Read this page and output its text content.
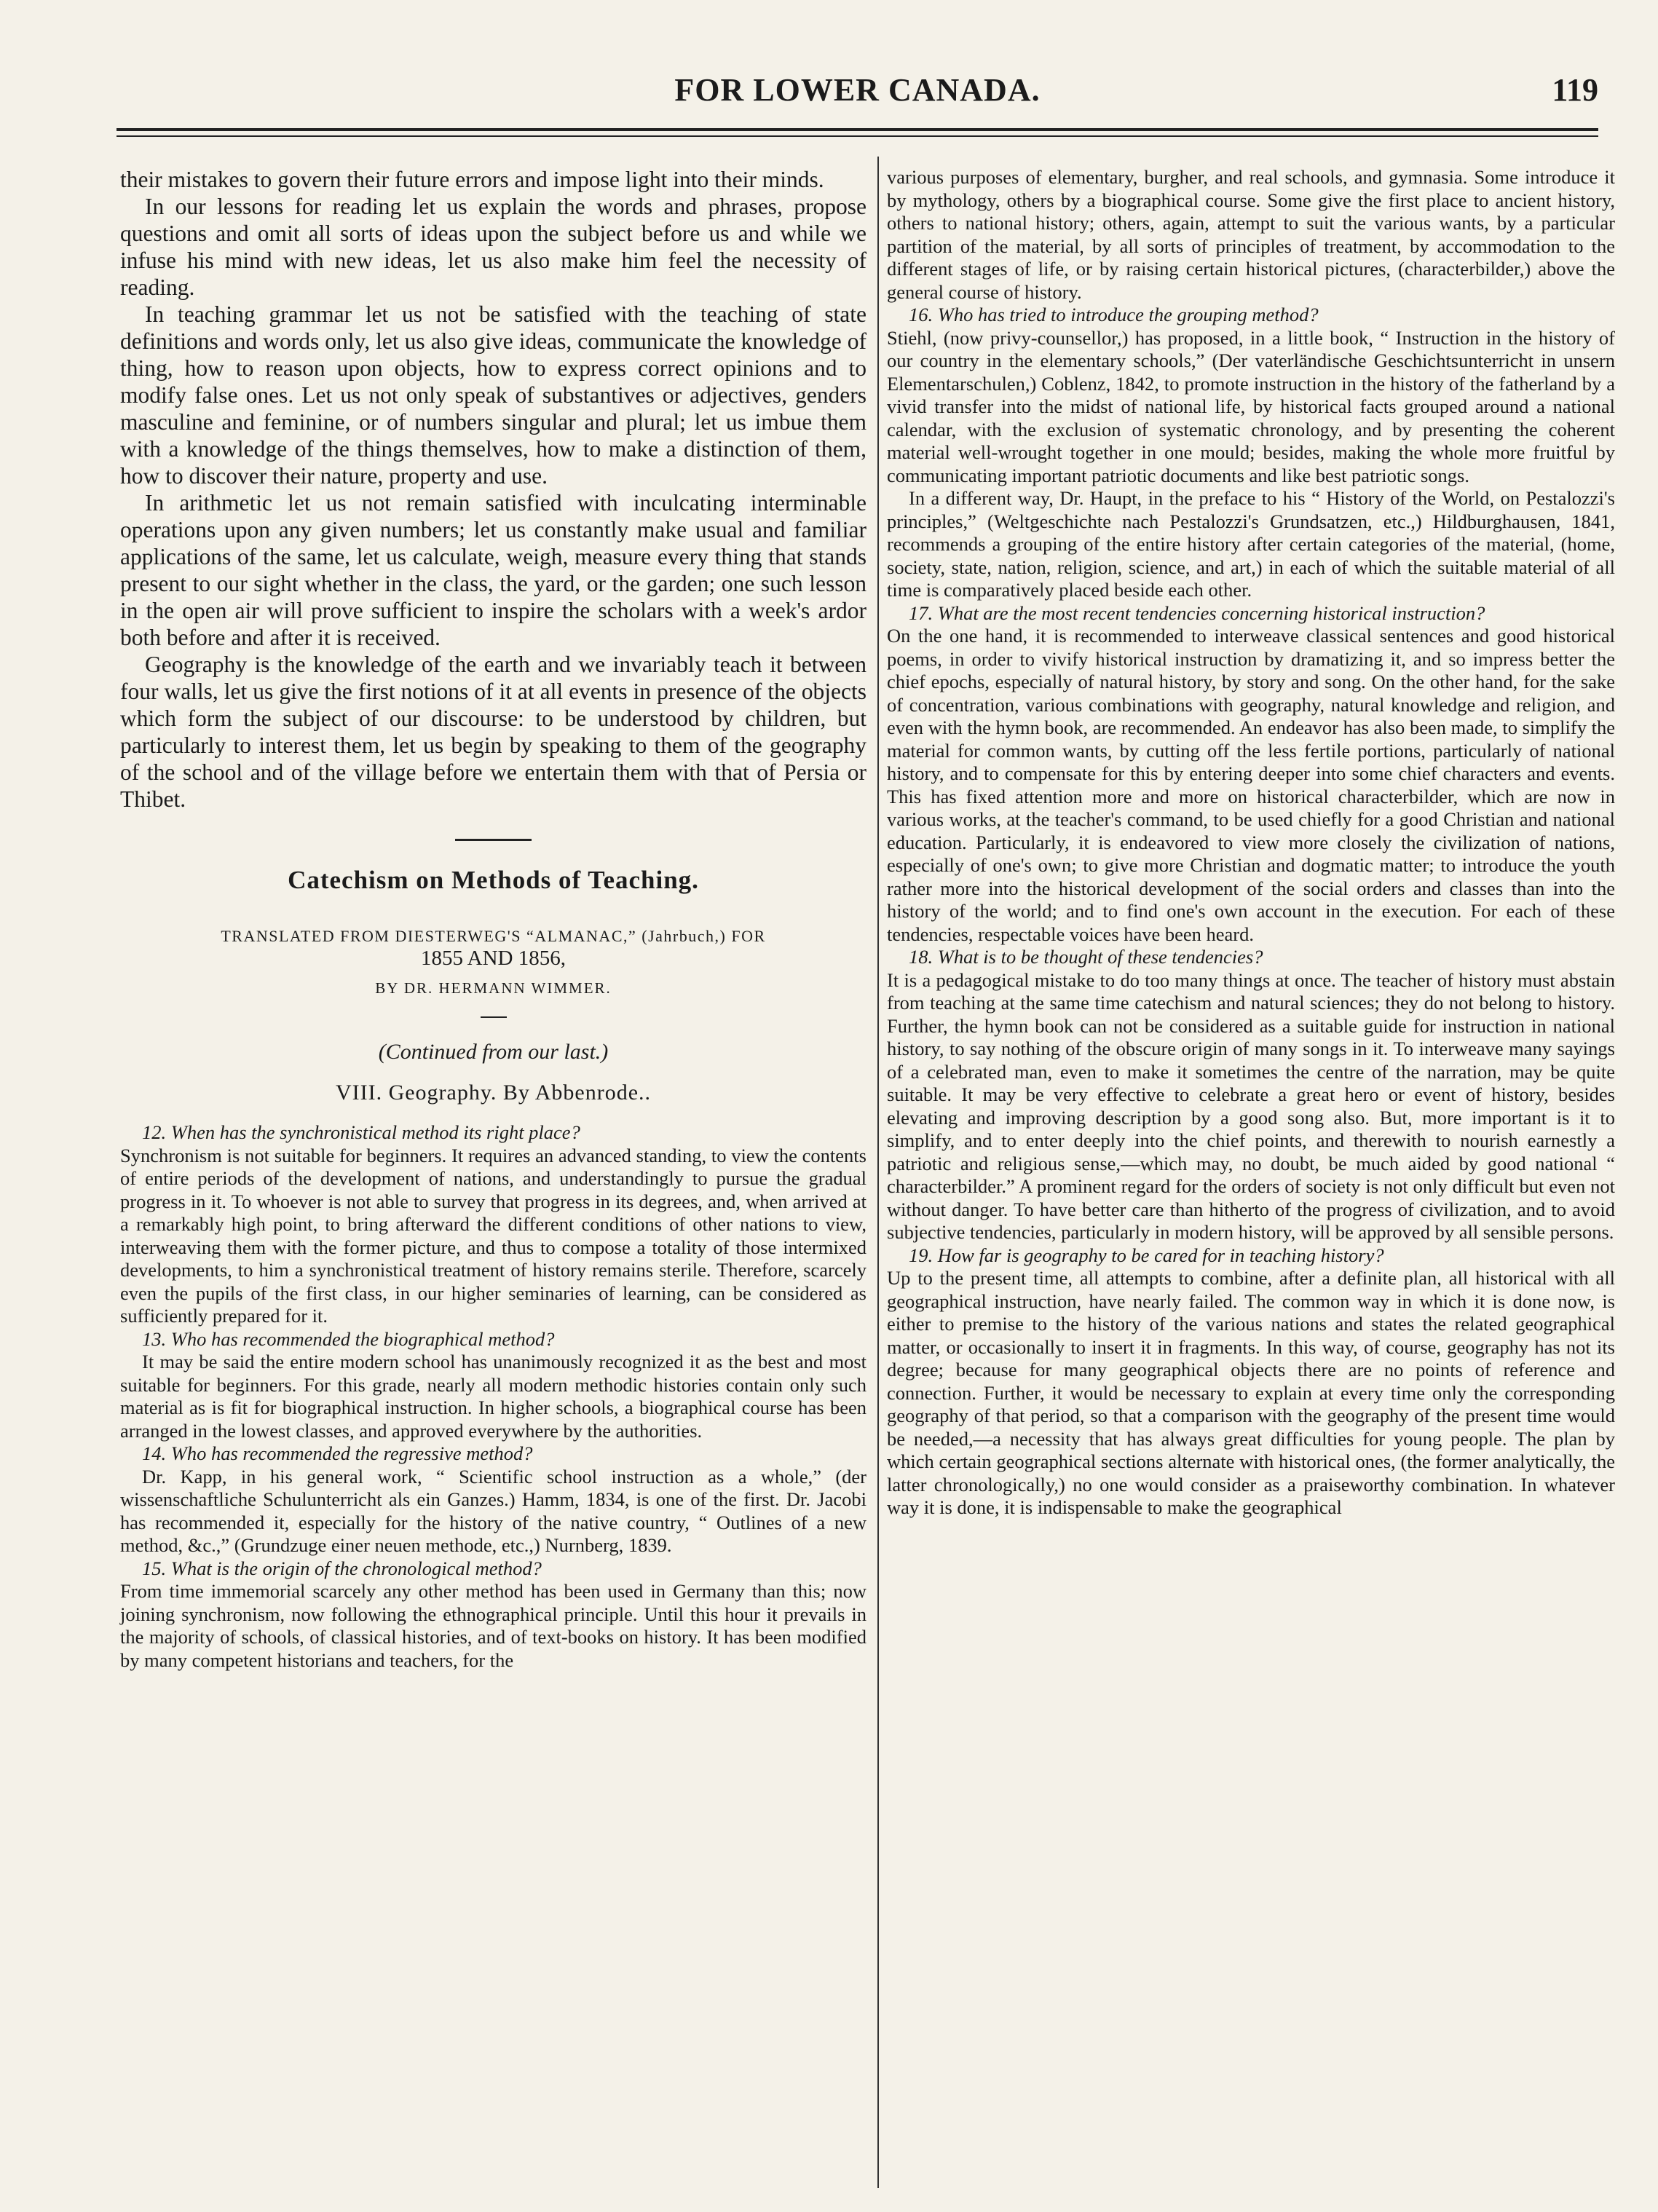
FOR LOWER CANADA.	119

their mistakes to govern their future errors and impose light into their minds.

In our lessons for reading let us explain the words and phrases, propose questions and omit all sorts of ideas upon the subject before us and while we infuse his mind with new ideas, let us also make him feel the necessity of reading.

In teaching grammar let us not be satisfied with the teaching of state definitions and words only, let us also give ideas, communicate the knowledge of thing, how to reason upon objects, how to express correct opinions and to modify false ones. Let us not only speak of substantives or adjectives, genders masculine and feminine, or of numbers singular and plural; let us imbue them with a knowledge of the things themselves, how to make a distinction of them, how to discover their nature, property and use.

In arithmetic let us not remain satisfied with inculcating interminable operations upon any given numbers; let us constantly make usual and familiar applications of the same, let us calculate, weigh, measure every thing that stands present to our sight whether in the class, the yard, or the garden; one such lesson in the open air will prove sufficient to inspire the scholars with a week's ardor both before and after it is received.

Geography is the knowledge of the earth and we invariably teach it between four walls, let us give the first notions of it at all events in presence of the objects which form the subject of our discourse: to be understood by children, but particularly to interest them, let us begin by speaking to them of the geography of the school and of the village before we entertain them with that of Persia or Thibet.

Catechism on Methods of Teaching.
TRANSLATED FROM DIESTERWEG'S “ALMANAC,” (Jahrbuch,) FOR
1855 AND 1856,
BY DR. HERMANN WIMMER.
(Continued from our last.)
VIII. Geography. By Abbenrode..

12. When has the synchronistical method its right place?

Synchronism is not suitable for beginners. It requires an advanced standing, to view the contents of entire periods of the development of nations, and understandingly to pursue the gradual progress in it. To whoever is not able to survey that progress in its degrees, and, when arrived at a remarkably high point, to bring afterward the different conditions of other nations to view, interweaving them with the former picture, and thus to compose a totality of those intermixed developments, to him a synchronistical treatment of history remains sterile. Therefore, scarcely even the pupils of the first class, in our higher seminaries of learning, can be considered as sufficiently prepared for it.

13. Who has recommended the biographical method?

It may be said the entire modern school has unanimously recognized it as the best and most suitable for beginners. For this grade, nearly all modern methodic histories contain only such material as is fit for biographical instruction. In higher schools, a biographical course has been arranged in the lowest classes, and approved everywhere by the authorities.

14. Who has recommended the regressive method?

Dr. Kapp, in his general work, “ Scientific school instruction as a whole,” (der wissenschaftliche Schulunterricht als ein Ganzes.) Hamm, 1834, is one of the first. Dr. Jacobi has recommended it, especially for the history of the native country, “ Outlines of a new method, &c.,” (Grundzuge einer neuen methode, etc.,) Nurnberg, 1839.

15. What is the origin of the chronological method?

From time immemorial scarcely any other method has been used in Germany than this; now joining synchronism, now following the ethnographical principle. Until this hour it prevails in the majority of schools, of classical histories, and of text-books on history. It has been modified by many competent historians and teachers, for the

various purposes of elementary, burgher, and real schools, and gymnasia. Some introduce it by mythology, others by a biographical course. Some give the first place to ancient history, others to national history; others, again, attempt to suit the various wants, by a particular partition of the material, by all sorts of principles of treatment, by accommodation to the different stages of life, or by raising certain historical pictures, (characterbilder,) above the general course of history.

16. Who has tried to introduce the grouping method?

Stiehl, (now privy-counsellor,) has proposed, in a little book, “ Instruction in the history of our country in the elementary schools,” (Der vaterländische Geschichtsunterricht in unsern Elementarschulen,) Coblenz, 1842, to promote instruction in the history of the fatherland by a vivid transfer into the midst of national life, by historical facts grouped around a national calendar, with the exclusion of systematic chronology, and by presenting the coherent material well-wrought together in one mould; besides, making the whole more fruitful by communicating important patriotic documents and like best patriotic songs.

In a different way, Dr. Haupt, in the preface to his “ History of the World, on Pestalozzi's principles,” (Weltgeschichte nach Pestalozzi's Grundsatzen, etc.,) Hildburghausen, 1841, recommends a grouping of the entire history after certain categories of the material, (home, society, state, nation, religion, science, and art,) in each of which the suitable material of all time is comparatively placed beside each other.

17. What are the most recent tendencies concerning historical instruction?

On the one hand, it is recommended to interweave classical sentences and good historical poems, in order to vivify historical instruction by dramatizing it, and so impress better the chief epochs, especially of natural history, by story and song. On the other hand, for the sake of concentration, various combinations with geography, natural knowledge and religion, and even with the hymn book, are recommended. An endeavor has also been made, to simplify the material for common wants, by cutting off the less fertile portions, particularly of national history, and to compensate for this by entering deeper into some chief characters and events. This has fixed attention more and more on historical characterbilder, which are now in various works, at the teacher's command, to be used chiefly for a good Christian and national education. Particularly, it is endeavored to view more closely the civilization of nations, especially of one's own; to give more Christian and dogmatic matter; to introduce the youth rather more into the historical development of the social orders and classes than into the history of the world; and to find one's own account in the execution. For each of these tendencies, respectable voices have been heard.

18. What is to be thought of these tendencies?

It is a pedagogical mistake to do too many things at once. The teacher of history must abstain from teaching at the same time catechism and natural sciences; they do not belong to history. Further, the hymn book can not be considered as a suitable guide for instruction in national history, to say nothing of the obscure origin of many songs in it. To interweave many sayings of a celebrated man, even to make it sometimes the centre of the narration, may be quite suitable. It may be very effective to celebrate a great hero or event of history, besides elevating and improving description by a good song also. But, more important is it to simplify, and to enter deeply into the chief points, and therewith to nourish earnestly a patriotic and religious sense,—which may, no doubt, be much aided by good national “ characterbilder.” A prominent regard for the orders of society is not only difficult but even not without danger. To have better care than hitherto of the progress of civilization, and to avoid subjective tendencies, particularly in modern history, will be approved by all sensible persons.

19. How far is geography to be cared for in teaching history?

Up to the present time, all attempts to combine, after a definite plan, all historical with all geographical instruction, have nearly failed. The common way in which it is done now, is either to premise to the history of the various nations and states the related geographical matter, or occasionally to insert it in fragments. In this way, of course, geography has not its degree; because for many geographical objects there are no points of reference and connection. Further, it would be necessary to explain at every time only the corresponding geography of that period, so that a comparison with the geography of the present time would be needed,—a necessity that has always great difficulties for young people. The plan by which certain geographical sections alternate with historical ones, (the former analytically, the latter chronologically,) no one would consider as a praiseworthy combination. In whatever way it is done, it is indispensable to make the geographical
